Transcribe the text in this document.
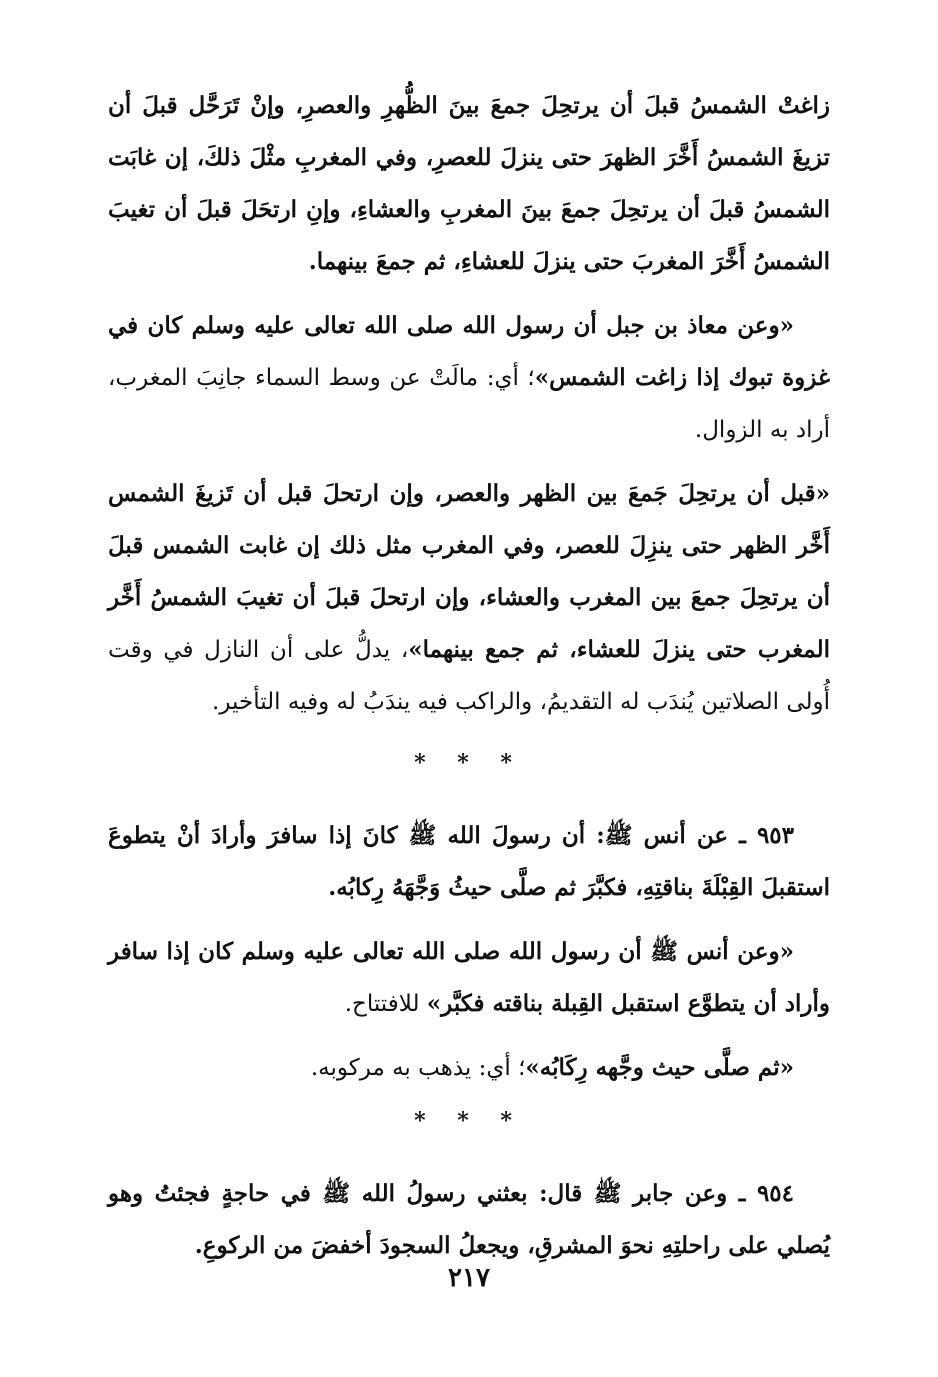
زاغتْ الشمسُ قبلَ أن يرتحِلَ جمعَ بينَ الظُّهرِ والعصرِ، وإنْ تَرَحَّل قبلَ أن تزيغَ الشمسُ أَخَّرَ الظهرَ حتى ينزلَ للعصرِ، وفي المغربِ مثْلَ ذلكَ، إن غابَت الشمسُ قبلَ أن يرتحِلَ جمعَ بينَ المغربِ والعشاءِ، وإنِ ارتحَلَ قبلَ أن تغيبَ الشمسُ أَخَّرَ المغربَ حتى ينزلَ للعشاءِ، ثم جمعَ بينهما.

«وعن معاذ بن جبل أن رسول الله صلى الله تعالى عليه وسلم كان في غزوة تبوك إذا زاغت الشمس»؛ أي: مالَتْ عن وسط السماء جانِبَ المغرب، أراد به الزوال.

«قبل أن يرتحِلَ جَمعَ بين الظهر والعصر، وإن ارتحلَ قبل أن تَزيغَ الشمس أَخَّر الظهر حتى ينزِلَ للعصر، وفي المغرب مثل ذلك إن غابت الشمس قبلَ أن يرتحِلَ جمعَ بين المغرب والعشاء، وإن ارتحلَ قبلَ أن تغيبَ الشمسُ أَخَّر المغرب حتى ينزلَ للعشاء، ثم جمع بينهما»، يدلُّ على أن النازل في وقت أُولى الصلاتين يُندَب له التقديمُ، والراكب فيه يندَبُ له وفيه التأخير.

* * *

٩٥٣ ـ عن أنس ﷺ: أن رسولَ الله ﷺ كانَ إذا سافرَ وأرادَ أنْ يتطوعَ استقبلَ القِبْلَةَ بناقتِهِ، فكبَّرَ ثم صلَّى حيثُ وَجَّهَهُ رِكابُه.

«وعن أنس ﷺ أن رسول الله صلى الله تعالى عليه وسلم كان إذا سافر وأراد أن يتطوَّع استقبل القِبلة بناقته فكبَّر» للافتتاح.

«ثم صلَّى حيث وجَّهه رِكَابُه»؛ أي: يذهب به مركوبه.

* * *

٩٥٤ ـ وعن جابر ﷺ قال: بعثني رسولُ الله ﷺ في حاجةٍ فجئتُ وهو يُصلي على راحلتِهِ نحوَ المشرقِ، ويجعلُ السجودَ أخفضَ من الركوعِ.

٢١٧
